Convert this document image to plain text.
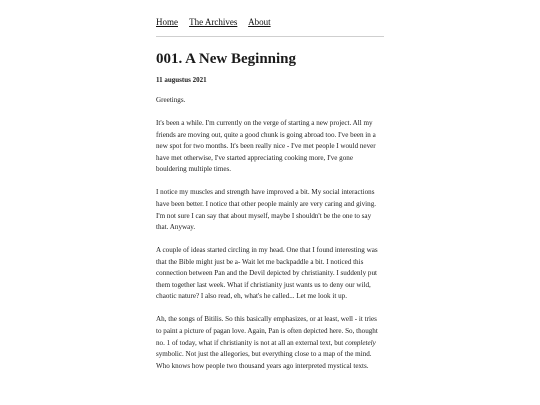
Home The Archives About
001. A New Beginning
11 augustus 2021

Greetings.

It's been a while. I'm currently on the verge of starting a new project. All my friends are moving out, quite a good chunk is going abroad too. I've been in a new spot for two months. It's been really nice - I've met people I would never have met otherwise, I've started appreciating cooking more, I've gone bouldering multiple times.

I notice my muscles and strength have improved a bit. My social interactions have been better. I notice that other people mainly are very caring and giving. I'm not sure I can say that about myself, maybe I shouldn't be the one to say that. Anyway.

A couple of ideas started circling in my head. One that I found interesting was that the Bible might just be a- Wait let me backpaddle a bit. I noticed this connection between Pan and the Devil depicted by christianity. I suddenly put them together last week. What if christianity just wants us to deny our wild, chaotic nature? I also read, eh, what's he called... Let me look it up.

Ah, the songs of Bitilis. So this basically emphasizes, or at least, well - it tries to paint a picture of pagan love. Again, Pan is often depicted here. So, thought no. 1 of today, what if christianity is not at all an external text, but completely symbolic. Not just the allegories, but everything close to a map of the mind. Who knows how people two thousand years ago interpreted mystical texts.
